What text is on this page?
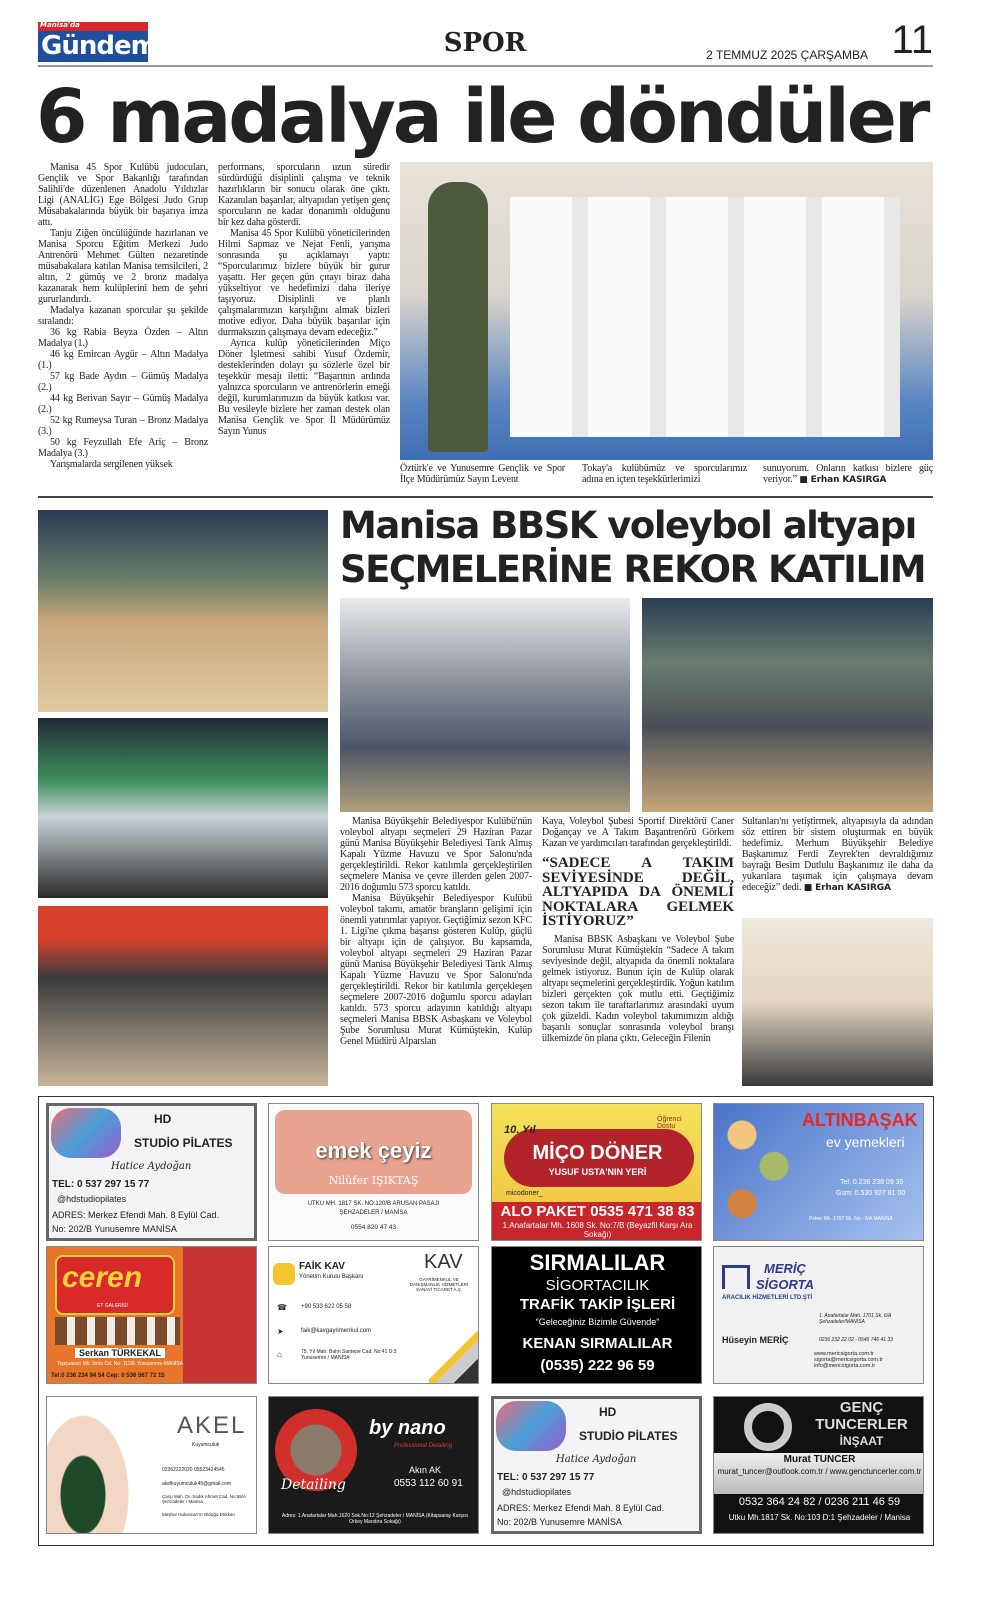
Manisa'da
Gündem	SPOR	2 TEMMUZ 2025 ÇARŞAMBA 11
6 madalya ile döndüler

Manisa 45 Spor Kulübü judocuları, Gençlik ve Spor Bakanlığı tarafından Salihli'de düzenlenen Anadolu Yıldızlar Ligi (ANALİG) Ege Bölgesi Judo Grup Müsabakalarında büyük bir başarıya imza attı.

Tanju Ziğen öncülüğünde hazırlanan ve Manisa Sporcu Eğitim Merkezi Judo Antrenörü Mehmet Gülten nezaretinde müsabakalara katılan Manisa temsilcileri, 2 altın, 2 gümüş ve 2 bronz madalya kazanarak hem kulüplerini hem de şehri gururlandırdı.

Madalya kazanan sporcular şu şekilde sıralandı:

36 kg Rabia Beyza Özden – Altın Madalya (1.)

46 kg Emircan Aygür – Altın Madalya (1.)

57 kg Bade Aydın – Gümüş Madalya (2.)

44 kg Berivan Sayır – Gümüş Madalya (2.)

52 kg Rumeysa Turan – Bronz Madalya (3.)

50 kg Feyzullah Efe Ariç – Bronz Madalya (3.)

Yarışmalarda sergilenen yüksek

performans, sporcuların uzun süredir sürdürdüğü disiplinli çalışma ve teknik hazırlıkların bir sonucu olarak öne çıktı. Kazanılan başarılar, altyapıdan yetişen genç sporcuların ne kadar donanımlı olduğunu bir kez daha gösterdi.

Manisa 45 Spor Kulübü yöneticilerinden Hilmi Sapmaz ve Nejat Fenli, yarışma sonrasında şu açıklamayı yaptı: “Sporcularımız bizlere büyük bir gurur yaşattı. Her geçen gün çıtayı biraz daha yükseltiyor ve hedefimizi daha ileriye taşıyoruz. Disiplinli ve planlı çalışmalarımızın karşılığını almak bizleri motive ediyor. Daha büyük başarılar için durmaksızın çalışmaya devam edeceğiz.”

Ayrıca kulüp yöneticilerinden Miço Döner İşletmesi sahibi Yusuf Özdemir, desteklerinden dolayı şu sözlerle özel bir teşekkür mesajı iletti: “Başarının ardında yalnızca sporcuların ve antrenörlerin emeği değil, kurumlarımızın da büyük katkısı var. Bu vesileyle bizlere her zaman destek olan Manisa Gençlik ve Spor İl Müdürümüz Sayın Yunus

Öztürk'e ve Yunusemre Gençlik ve Spor İlçe Müdürümüz Sayın Levent
Tokay'a kulübümüz ve sporcularımız adına en içten teşekkürlerimizi
sunuyorum. Onların katkısı bizlere güç veriyor.” ■ Erhan KASIRGA
Manisa BBSK voleybol altyapı
SEÇMELERİNE REKOR KATILIM

Manisa Büyükşehir Belediyespor Kulübü'nün voleybol altyapı seçmeleri 29 Haziran Pazar günü Manisa Büyükşehir Belediyesi Tarık Almış Kapalı Yüzme Havuzu ve Spor Salonu'nda gerçekleştirildi. Rekor katılımla gerçekleştirilen seçmelere Manisa ve çevre illerden gelen 2007-2016 doğumlu 573 sporcu katıldı.

Manisa Büyükşehir Belediyespor Kulübü voleybol takımı, amatör branşların gelişimi için önemli yatırımlar yapıyor. Geçtiğimiz sezon KFC 1. Ligi'ne çıkma başarısı gösteren Kulüp, güçlü bir altyapı için de çalışıyor. Bu kapsamda, voleybol altyapı seçmeleri 29 Haziran Pazar günü Manisa Büyükşehir Belediyesi Tarık Almış Kapalı Yüzme Havuzu ve Spor Salonu'nda gerçekleştirildi. Rekor bir katılımla gerçekleşen seçmelere 2007-2016 doğumlu sporcu adayları katıldı. 573 sporcu adayının katıldığı altyapı seçmeleri Manisa BBSK Asbaşkanı ve Voleybol Şube Sorumlusu Murat Kümüştekin, Kulüp Genel Müdürü Alparslan

Kaya, Voleybol Şubesi Sportif Direktörü Caner Doğançay ve A Takım Başantrenörü Görkem Kazan ve yardımcıları tarafından gerçekleştirildi.

“SADECE A TAKIM SEVİYESİNDE DEĞİL, ALTYAPIDA DA ÖNEMLİ NOKTALARA GELMEK İSTİYORUZ”

Manisa BBSK Asbaşkanı ve Voleybol Şube Sorumlusu Murat Kümüştekin “Sadece A takım seviyesinde değil, altyapıda da önemli noktalara gelmek istiyoruz. Bunun için de Kulüp olarak altyapı seçmelerini gerçekleştirdik. Yoğun katılım bizleri gerçekten çok mutlu etti. Geçtiğimiz sezon takım ile taraftarlarımız arasındaki uyum çok güzeldi. Kadın voleybol takımımızın aldığı başarılı sonuçlar sonrasında voleybol branşı ülkemizde ön plana çıktı. Geleceğin Filenin

Sultanları'nı yetiştirmek, altyapısıyla da adından söz ettiren bir sistem oluşturmak en büyük hedefimiz. Merhum Büyükşehir Belediye Başkanımız Ferdi Zeyrek'ten devraldığımız bayrağı Besim Dutlulu Başkanımız ile daha da yukarılara taşımak için çalışmaya devam edeceğiz” dedi. ■ Erhan KASIRGA
HD
STUDİO PİLATES
Hatice Aydoğan
TEL: 0 537 297 15 77
@hdstudiopilates
ADRES: Merkez Efendi Mah. 8 Eylül Cad.
No: 202/B Yunusemre MANİSA
emek çeyiz
Nilüfer IŞIKTAŞ
UTKU MH. 1817 SK. NO:120/B ARUSAN PASAJI
ŞEHZADELER / MANİSA
0554 820 47 43
10. Yıl
Öğrenci Dostu
MİÇO DÖNER
YUSUF USTA'NIN YERİ
micodoner_
ALO PAKET 0535 471 38 83
1.Anafartalar Mh. 1608 Sk. No:7/B (Beyazfil Karşı Ara Sokağı)
ALTINBAŞAK
ev yemekleri
Tel: 0.236 238 09 35
Gsm: 0.530 927 81 00
Peker Mh. 1707 Sk. No.: 6/A MANİSA
ceren
ET GALERİSİ
Serkan TÜRKEKAL
Topçuasım Mh. İzmir Cd. No: 112/E Yunusemre-MANİSA
Tel:0 236 234 94 54 Cep: 0 536 567 72 15
FAİK KAV
Yönetim Kurulu Başkanı
KAV
GAYRİMENKUL VE DANIŞMANLIK HİZMETLERİ SANAYİ TİCARET A.Ş.
☎ +90 533 622 05 58
➤	faik@kavgayrimenkul.com
⌂	75. Yıl Mah. Bahri Santepe Cad. No:41 D:3 Yunusemre / MANİSA
SIRMALILAR
SİGORTACILIK
TRAFİK TAKİP İŞLERİ
“Geleceğiniz Bizimle Güvende”
KENAN SIRMALILAR
(0535) 222 96 59
MERİÇ
SİGORTA
ARACILIK HİZMETLERİ LTD.ŞTİ
1. Anafartalar Mah. 1701 Sk. 6/A Şehzadeler/MANİSA
Hüseyin MERİÇ	0236 232 22 02 - 0546 746 41 33
www.mericsigorta.com.tr sigorta@mericsigorta.com.tr info@mericsigorta.com.tr
AKEL
Kuyumculuk
02362222020 05523424545
akelkuyumculuk45@gmail.com
Çarşı Mah. Dr. Sadık Ahmet Cad. No:65/A Şehzadeler / Manisa
Meşhur Hulusican'ın Olduğu Dükkan
Detailing
by nano
Professional Detailing
Akın AK
0553 112 60 91
Adres: 1.Anafartalar Mah.1620 Sok.No:12 Şehzadeler / MANİSA (Kitapsaray Karşısı Orkey Mandıra Sokağı)
HD
STUDİO PİLATES
Hatice Aydoğan
TEL: 0 537 297 15 77
@hdstudiopilates
ADRES: Merkez Efendi Mah. 8 Eylül Cad.
No: 202/B Yunusemre MANİSA
GENÇ
TUNCERLER
İNŞAAT
Murat TUNCER
murat_tuncer@outlook.com.tr / www.genctuncerler.com.tr
0532 364 24 82 / 0236 211 46 59
Utku Mh.1817 Sk. No:103 D:1 Şehzadeler / Manisa
